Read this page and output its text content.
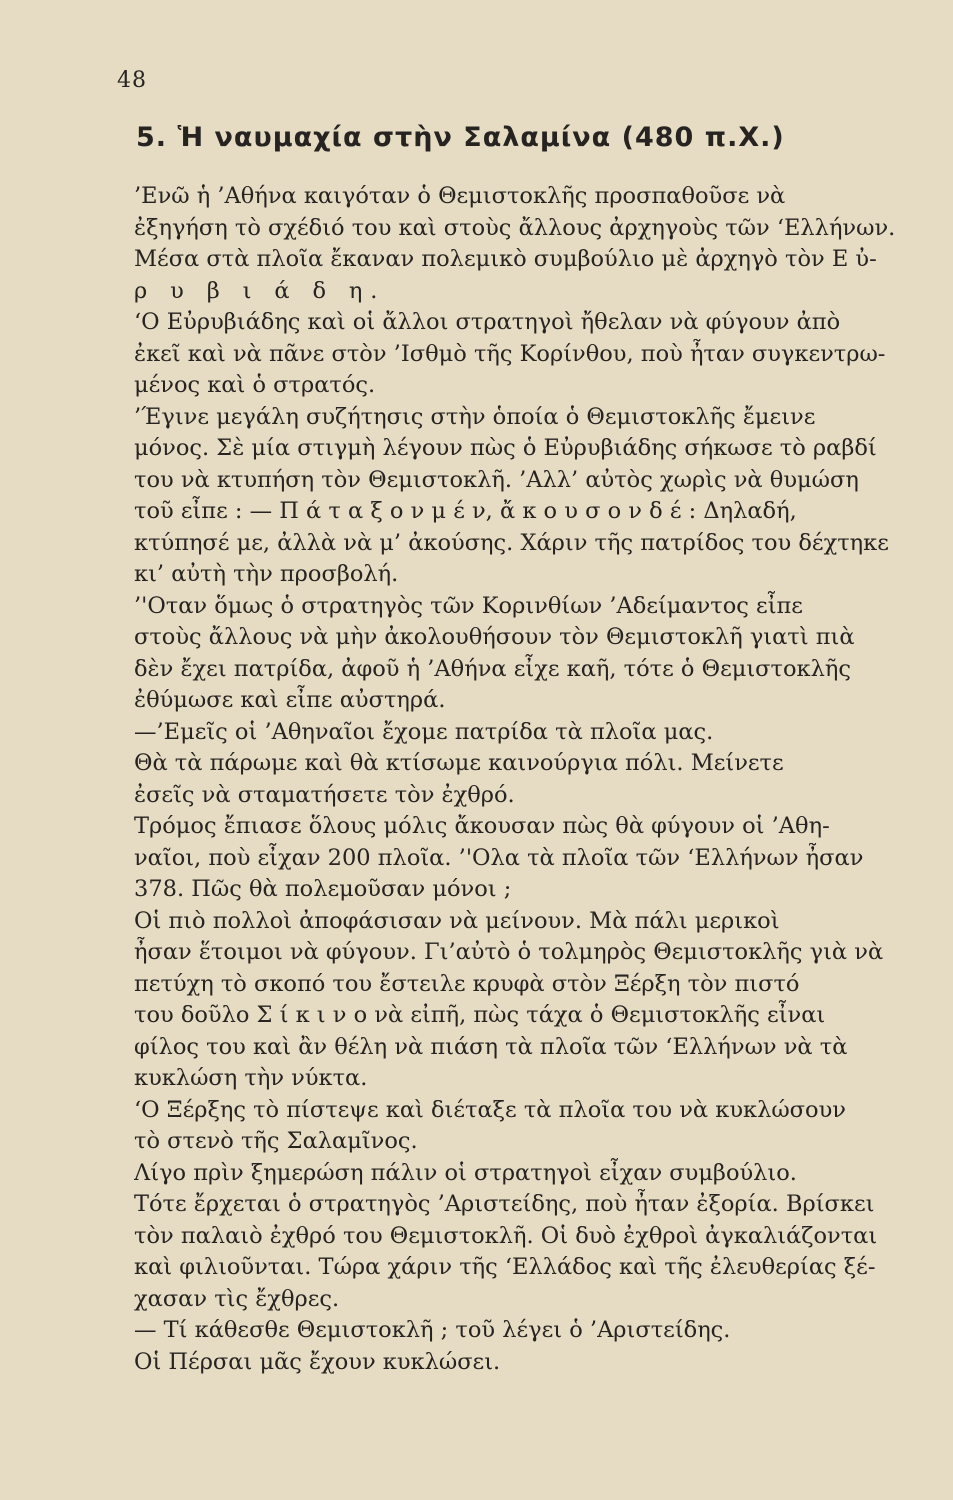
48
5. Ἡ ναυμαχία στὴν Σαλαμίνα (480 π.Χ.)
’Ενῶ ἡ ’Αθήνα καιγόταν ὁ Θεμιστοκλῆς προσπαθοῦσε νὰ
ἐξηγήση τὸ σχέδιό του καὶ στοὺς ἄλλους ἀρχηγοὺς τῶν ‘Ελλήνων.
Μέσα στὰ πλοῖα ἔκαναν πολεμικὸ συμβούλιο μὲ ἀρχηγὸ τὸν Ε ὐ-
ρ υ β ι ά δ η.
‘Ο Εὐρυβιάδης καὶ οἱ ἄλλοι στρατηγοὶ ἤθελαν νὰ φύγουν ἀπὸ
ἐκεῖ καὶ νὰ πᾶνε στὸν ’Ισθμὸ τῆς Κορίνθου, ποὺ ἦταν συγκεντρω-
μένος καὶ ὁ στρατός.
’Έγινε μεγάλη συζήτησις στὴν ὁποία ὁ Θεμιστοκλῆς ἔμεινε
μόνος. Σὲ μία στιγμὴ λέγουν πὼς ὁ Εὐρυβιάδης σήκωσε τὸ ραβδί
του νὰ κτυπήση τὸν Θεμιστοκλῆ. ’Αλλ’ αὐτὸς χωρὶς νὰ θυμώση
τοῦ εἶπε : — Π ά τ α ξ ο ν μ έ ν, ἄ κ ο υ σ ο ν δ έ : Δηλαδή,
κτύπησέ με, ἀλλὰ νὰ μ’ ἀκούσης. Χάριν τῆς πατρίδος του δέχτηκε
κι’ αὐτὴ τὴν προσβολή.
’'Οταν ὅμως ὁ στρατηγὸς τῶν Κορινθίων ’Αδείμαντος εἶπε
στοὺς ἄλλους νὰ μὴν ἀκολουθήσουν τὸν Θεμιστοκλῆ γιατὶ πιὰ
δὲν ἔχει πατρίδα, ἀφοῦ ἡ ’Αθήνα εἶχε καῆ, τότε ὁ Θεμιστοκλῆς
ἐθύμωσε καὶ εἶπε αὐστηρά.
—’Εμεῖς οἱ ’Αθηναῖοι ἔχομε πατρίδα τὰ πλοῖα μας.
Θὰ τὰ πάρωμε καὶ θὰ κτίσωμε καινούργια πόλι. Μείνετε
ἐσεῖς νὰ σταματήσετε τὸν ἐχθρό.
Τρόμος ἔπιασε ὅλους μόλις ἄκουσαν πὼς θὰ φύγουν οἱ ’Αθη-
ναῖοι, ποὺ εἶχαν 200 πλοῖα. ’'Ολα τὰ πλοῖα τῶν ‘Ελλήνων ἦσαν
378. Πῶς θὰ πολεμοῦσαν μόνοι ;
Οἱ πιὸ πολλοὶ ἀποφάσισαν νὰ μείνουν. Μὰ πάλι μερικοὶ
ἦσαν ἕτοιμοι νὰ φύγουν. Γι’αὐτὸ ὁ τολμηρὸς Θεμιστοκλῆς γιὰ νὰ
πετύχη τὸ σκοπό του ἔστειλε κρυφὰ στὸν Ξέρξη τὸν πιστό
του δοῦλο Σ ί κ ι ν ο νὰ εἰπῆ, πὼς τάχα ὁ Θεμιστοκλῆς εἶναι
φίλος του καὶ ἂν θέλη νὰ πιάση τὰ πλοῖα τῶν ‘Ελλήνων νὰ τὰ
κυκλώση τὴν νύκτα.
‘Ο Ξέρξης τὸ πίστεψε καὶ διέταξε τὰ πλοῖα του νὰ κυκλώσουν
τὸ στενὸ τῆς Σαλαμῖνος.
Λίγο πρὶν ξημερώση πάλιν οἱ στρατηγοὶ εἶχαν συμβούλιο.
Τότε ἔρχεται ὁ στρατηγὸς ’Αριστείδης, ποὺ ἦταν ἐξορία. Βρίσκει
τὸν παλαιὸ ἐχθρό του Θεμιστοκλῆ. Οἱ δυὸ ἐχθροὶ ἀγκαλιάζονται
καὶ φιλιοῦνται. Τώρα χάριν τῆς ‘Ελλάδος καὶ τῆς ἐλευθερίας ξέ-
χασαν τὶς ἔχθρες.
— Τί κάθεσθε Θεμιστοκλῆ ; τοῦ λέγει ὁ ’Αριστείδης.
Οἱ Πέρσαι μᾶς ἔχουν κυκλώσει.
